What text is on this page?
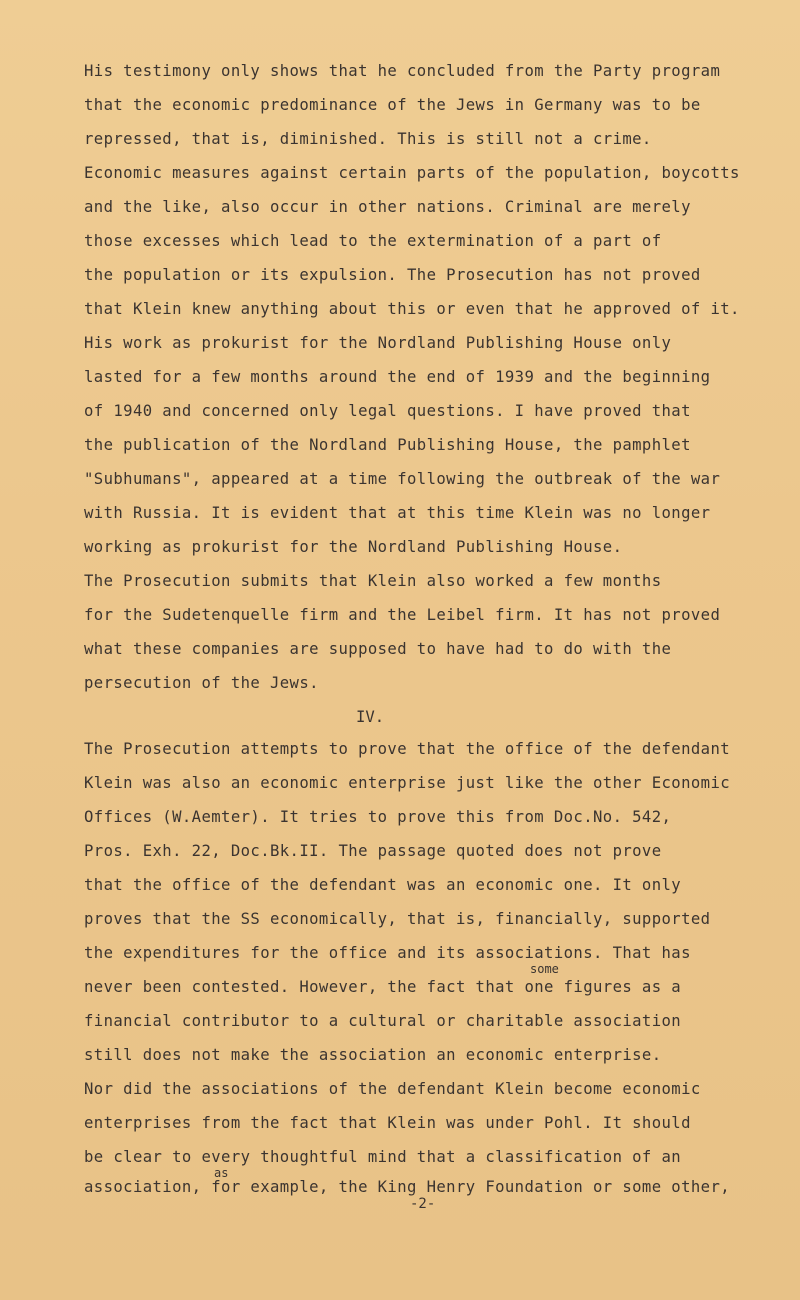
His testimony only shows that he concluded from the Party program
that the economic predominance of the Jews in Germany was to be
repressed, that is, diminished. This is still not a crime.
Economic measures against certain parts of the population, boycotts
and the like, also occur in other nations. Criminal are merely
those excesses which lead to the extermination of a part of
the population or its expulsion. The Prosecution has not proved
that Klein knew anything about this or even that he approved of it.
His work as prokurist for the Nordland Publishing House only
lasted for a few months around the end of 1939 and the beginning
of 1940 and concerned only legal questions. I have proved that
the publication of the Nordland Publishing House, the pamphlet
"Subhumans", appeared at a time following the outbreak of the war
with Russia. It is evident that at this time Klein was no longer
working as prokurist for the Nordland Publishing House.
The Prosecution submits that Klein also worked a few months
for the Sudetenquelle firm and the Leibel firm. It has not proved
what these companies are supposed to have had to do with the
persecution of the Jews.
IV.
The Prosecution attempts to prove that the office of the defendant
Klein was also an economic enterprise just like the other Economic
Offices (W.Aemter). It tries to prove this from Doc.No. 542,
Pros. Exh. 22, Doc.Bk.II. The passage quoted does not prove
that the office of the defendant was an economic one. It only
proves that the SS economically, that is, financially, supported
the expenditures for the office and its associations. That has
some
never been contested. However, the fact that one figures as a
financial contributor to a cultural or charitable association
still does not make the association an economic enterprise.
Nor did the associations of the defendant Klein become economic
enterprises from the fact that Klein was under Pohl. It should
be clear to every thoughtful mind that a classification of an
as
association, for example, the King Henry Foundation or some other,
-2-
